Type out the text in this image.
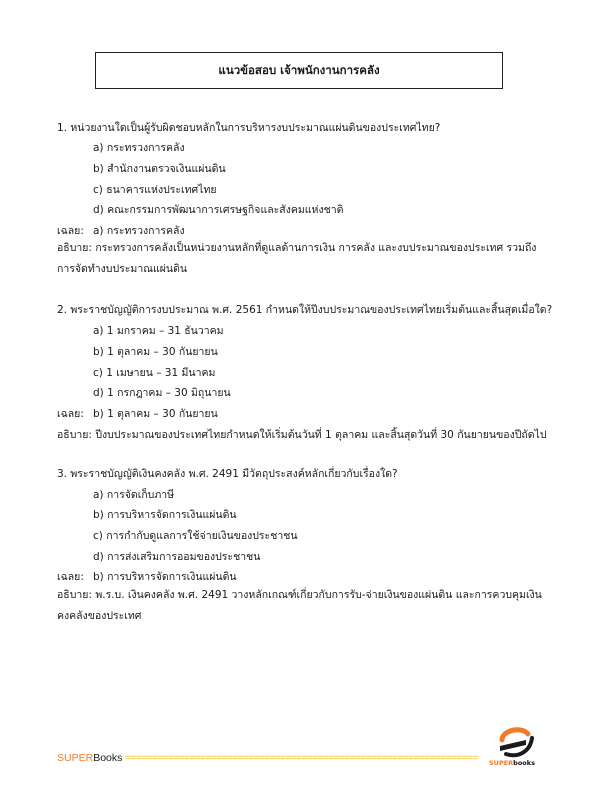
แนวข้อสอบ เจ้าพนักงานการคลัง
1. หน่วยงานใดเป็นผู้รับผิดชอบหลักในการบริหารงบประมาณแผ่นดินของประเทศไทย?
a) กระทรวงการคลัง
b) สำนักงานตรวจเงินแผ่นดิน
c) ธนาคารแห่งประเทศไทย
d) คณะกรรมการพัฒนาการเศรษฐกิจและสังคมแห่งชาติ
เฉลย: a) กระทรวงการคลัง
อธิบาย: กระทรวงการคลังเป็นหน่วยงานหลักที่ดูแลด้านการเงิน การคลัง และงบประมาณของประเทศ รวมถึงการจัดทำงบประมาณแผ่นดิน
2. พระราชบัญญัติการงบประมาณ พ.ศ. 2561 กำหนดให้ปีงบประมาณของประเทศไทยเริ่มต้นและสิ้นสุดเมื่อใด?
a) 1 มกราคม – 31 ธันวาคม
b) 1 ตุลาคม – 30 กันยายน
c) 1 เมษายน – 31 มีนาคม
d) 1 กรกฎาคม – 30 มิถุนายน
เฉลย: b) 1 ตุลาคม – 30 กันยายน
อธิบาย: ปีงบประมาณของประเทศไทยกำหนดให้เริ่มต้นวันที่ 1 ตุลาคม และสิ้นสุดวันที่ 30 กันยายนของปีถัดไป
3. พระราชบัญญัติเงินคงคลัง พ.ศ. 2491 มีวัตถุประสงค์หลักเกี่ยวกับเรื่องใด?
a) การจัดเก็บภาษี
b) การบริหารจัดการเงินแผ่นดิน
c) การกำกับดูแลการใช้จ่ายเงินของประชาชน
d) การส่งเสริมการออมของประชาชน
เฉลย: b) การบริหารจัดการเงินแผ่นดิน
อธิบาย: พ.ร.บ. เงินคงคลัง พ.ศ. 2491 วางหลักเกณฑ์เกี่ยวกับการรับ-จ่ายเงินของแผ่นดิน และการควบคุมเงินคงคลังของประเทศ
SUPERBooks ================================================================== SUPERbooks
